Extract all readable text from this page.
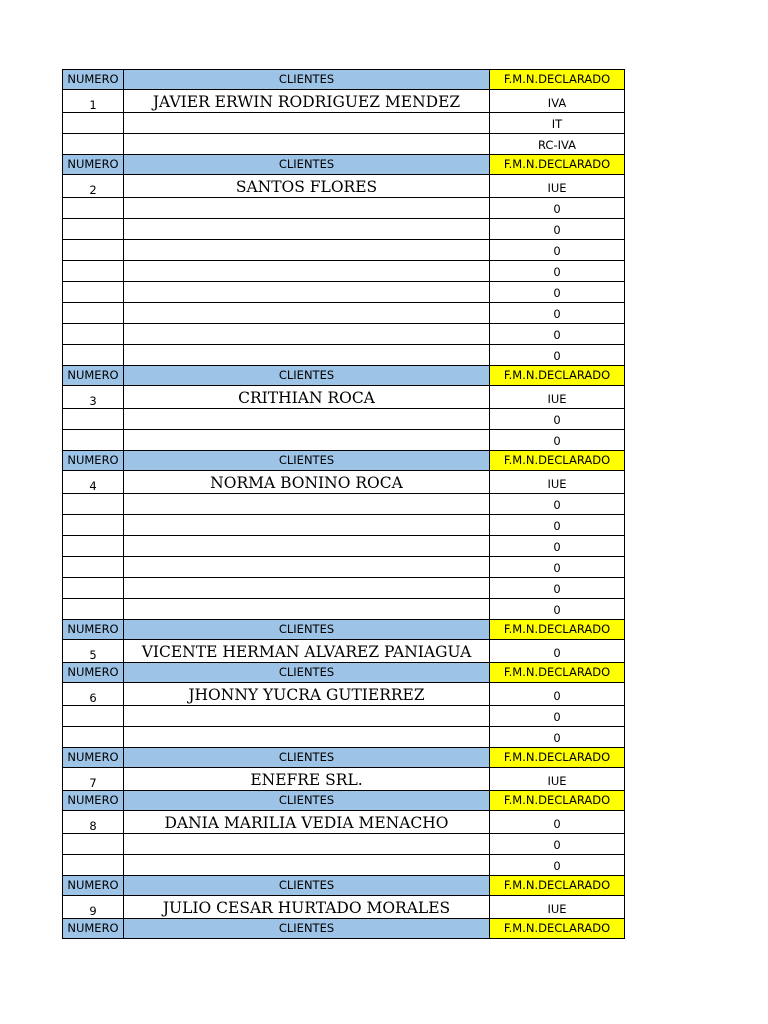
NUMERO	CLIENTES	F.M.N.DECLARADO
1	JAVIER ERWIN RODRIGUEZ MENDEZ	IVA
		IT
		RC-IVA
NUMERO	CLIENTES	F.M.N.DECLARADO
2	SANTOS FLORES	IUE
		0
		0
		0
		0
		0
		0
		0
		0
NUMERO	CLIENTES	F.M.N.DECLARADO
3	CRITHIAN ROCA	IUE
		0
		0
NUMERO	CLIENTES	F.M.N.DECLARADO
4	NORMA BONINO ROCA	IUE
		0
		0
		0
		0
		0
		0
NUMERO	CLIENTES	F.M.N.DECLARADO
5	VICENTE HERMAN ALVAREZ PANIAGUA	0
NUMERO	CLIENTES	F.M.N.DECLARADO
6	JHONNY YUCRA GUTIERREZ	0
		0
		0
NUMERO	CLIENTES	F.M.N.DECLARADO
7	ENEFRE SRL.	IUE
NUMERO	CLIENTES	F.M.N.DECLARADO
8	DANIA MARILIA VEDIA MENACHO	0
		0
		0
NUMERO	CLIENTES	F.M.N.DECLARADO
9	JULIO CESAR HURTADO MORALES	IUE
NUMERO	CLIENTES	F.M.N.DECLARADO
